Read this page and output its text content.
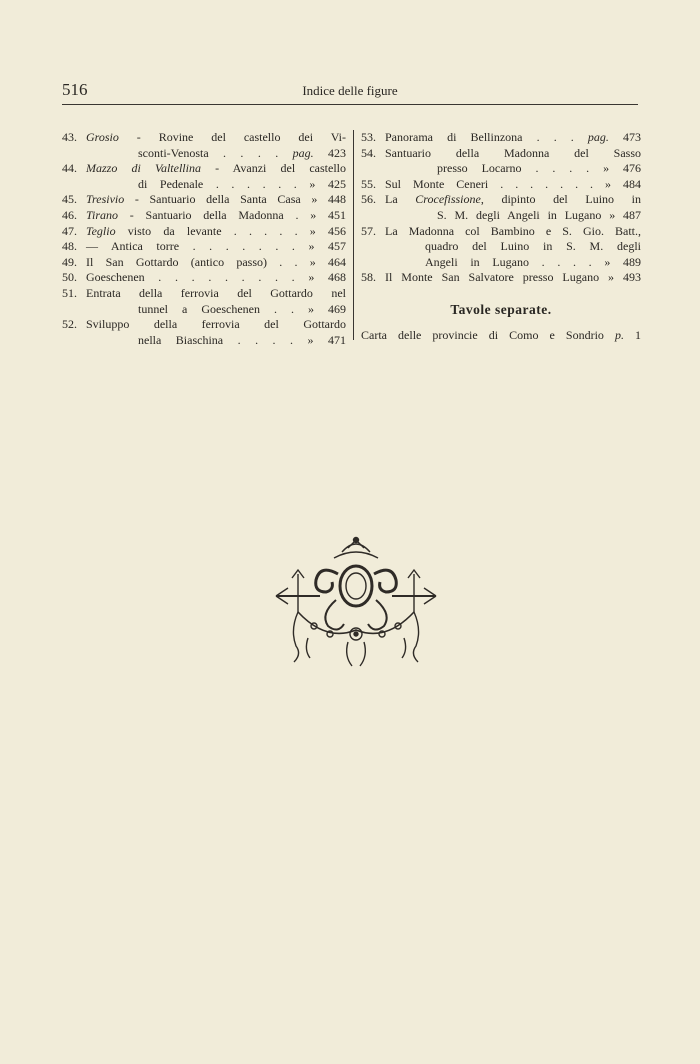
516	Indice delle figure
43. Grosio - Rovine del castello dei Vi-
sconti-Venosta . . . . pag. 423
44. Mazzo di Valtellina - Avanzi del castello
di Pedenale . . . . . . » 425
45. Tresivio - Santuario della Santa Casa » 448
46. Tirano - Santuario della Madonna . » 451
47. Teglio visto da levante . . . . . » 456
48. — Antica torre . . . . . . . » 457
49. Il San Gottardo (antico passo) . . » 464
50. Goeschenen . . . . . . . . . » 468
51. Entrata della ferrovia del Gottardo nel
tunnel a Goeschenen . . » 469
52. Sviluppo della ferrovia del Gottardo
nella Biaschina . . . . » 471
53. Panorama di Bellinzona . . . pag. 473
54. Santuario della Madonna del Sasso
presso Locarno . . . . » 476
55. Sul Monte Ceneri . . . . . . . » 484
56. La Crocefissione, dipinto del Luino in
S. M. degli Angeli in Lugano » 487
57. La Madonna col Bambino e S. Gio. Batt.,
quadro del Luino in S. M. degli
Angeli in Lugano . . . . » 489
58. Il Monte San Salvatore presso Lugano » 493
Tavole separate.
Carta delle provincie di Como e Sondrio p. 1
